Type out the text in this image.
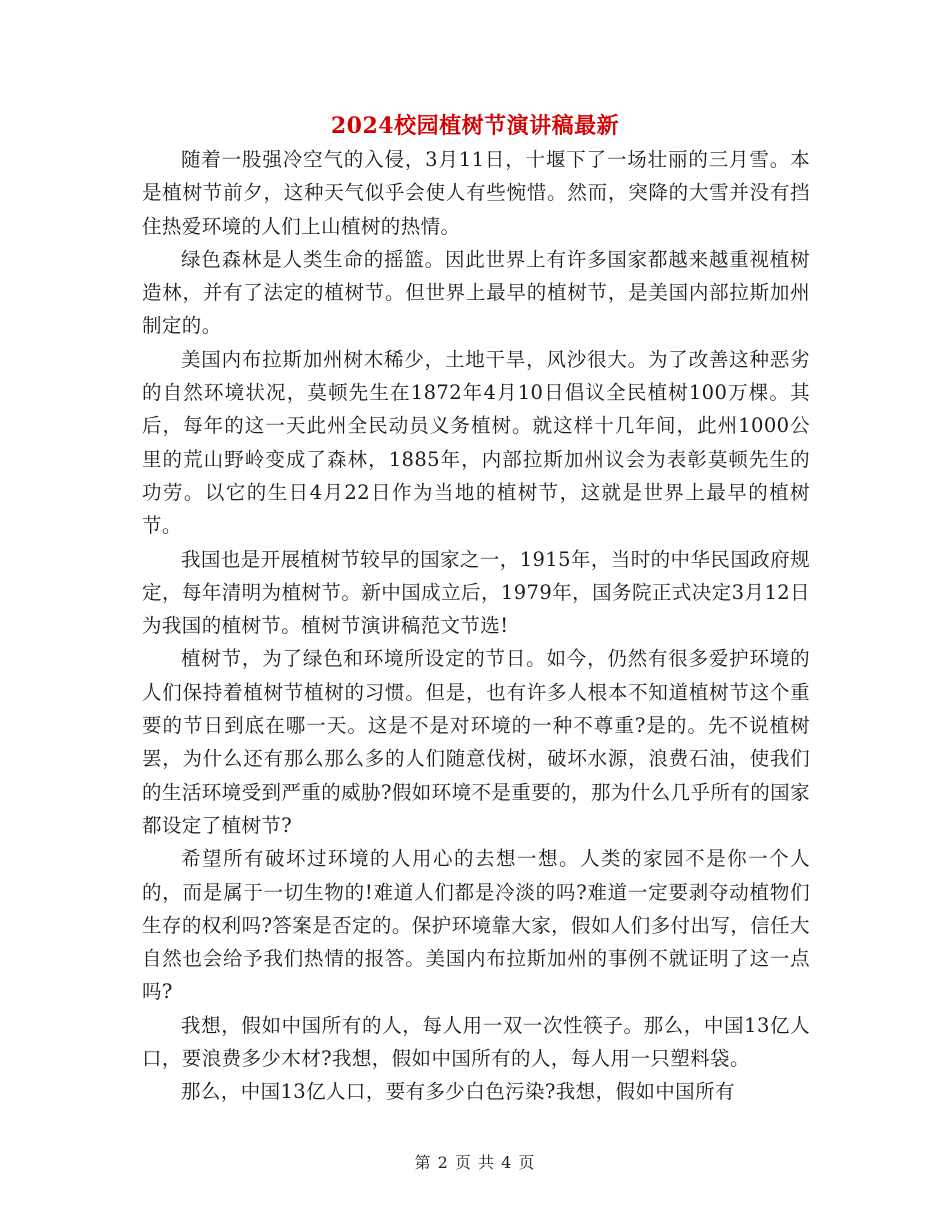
2024校园植树节演讲稿最新

随着一股强冷空气的入侵，3月11日，十堰下了一场壮丽的三月雪。本是植树节前夕，这种天气似乎会使人有些惋惜。然而，突降的大雪并没有挡住热爱环境的人们上山植树的热情。

绿色森林是人类生命的摇篮。因此世界上有许多国家都越来越重视植树造林，并有了法定的植树节。但世界上最早的植树节，是美国内部拉斯加州制定的。

美国内布拉斯加州树木稀少，土地干旱，风沙很大。为了改善这种恶劣的自然环境状况，莫顿先生在1872年4月10日倡议全民植树100万棵。其后，每年的这一天此州全民动员义务植树。就这样十几年间，此州1000公里的荒山野岭变成了森林，1885年，内部拉斯加州议会为表彰莫顿先生的功劳。以它的生日4月22日作为当地的植树节，这就是世界上最早的植树节。

我国也是开展植树节较早的国家之一，1915年，当时的中华民国政府规定，每年清明为植树节。新中国成立后，1979年，国务院正式决定3月12日为我国的植树节。植树节演讲稿范文节选!

植树节，为了绿色和环境所设定的节日。如今，仍然有很多爱护环境的人们保持着植树节植树的习惯。但是，也有许多人根本不知道植树节这个重要的节日到底在哪一天。这是不是对环境的一种不尊重?是的。先不说植树罢，为什么还有那么那么多的人们随意伐树，破坏水源，浪费石油，使我们的生活环境受到严重的威胁?假如环境不是重要的，那为什么几乎所有的国家都设定了植树节?

希望所有破坏过环境的人用心的去想一想。人类的家园不是你一个人的，而是属于一切生物的!难道人们都是冷淡的吗?难道一定要剥夺动植物们生存的权利吗?答案是否定的。保护环境靠大家，假如人们多付出写，信任大自然也会给予我们热情的报答。美国内布拉斯加州的事例不就证明了这一点吗?

我想，假如中国所有的人，每人用一双一次性筷子。那么，中国13亿人口，要浪费多少木材?我想，假如中国所有的人，每人用一只塑料袋。

那么，中国13亿人口，要有多少白色污染?我想，假如中国所有

第 2 页 共 4 页
